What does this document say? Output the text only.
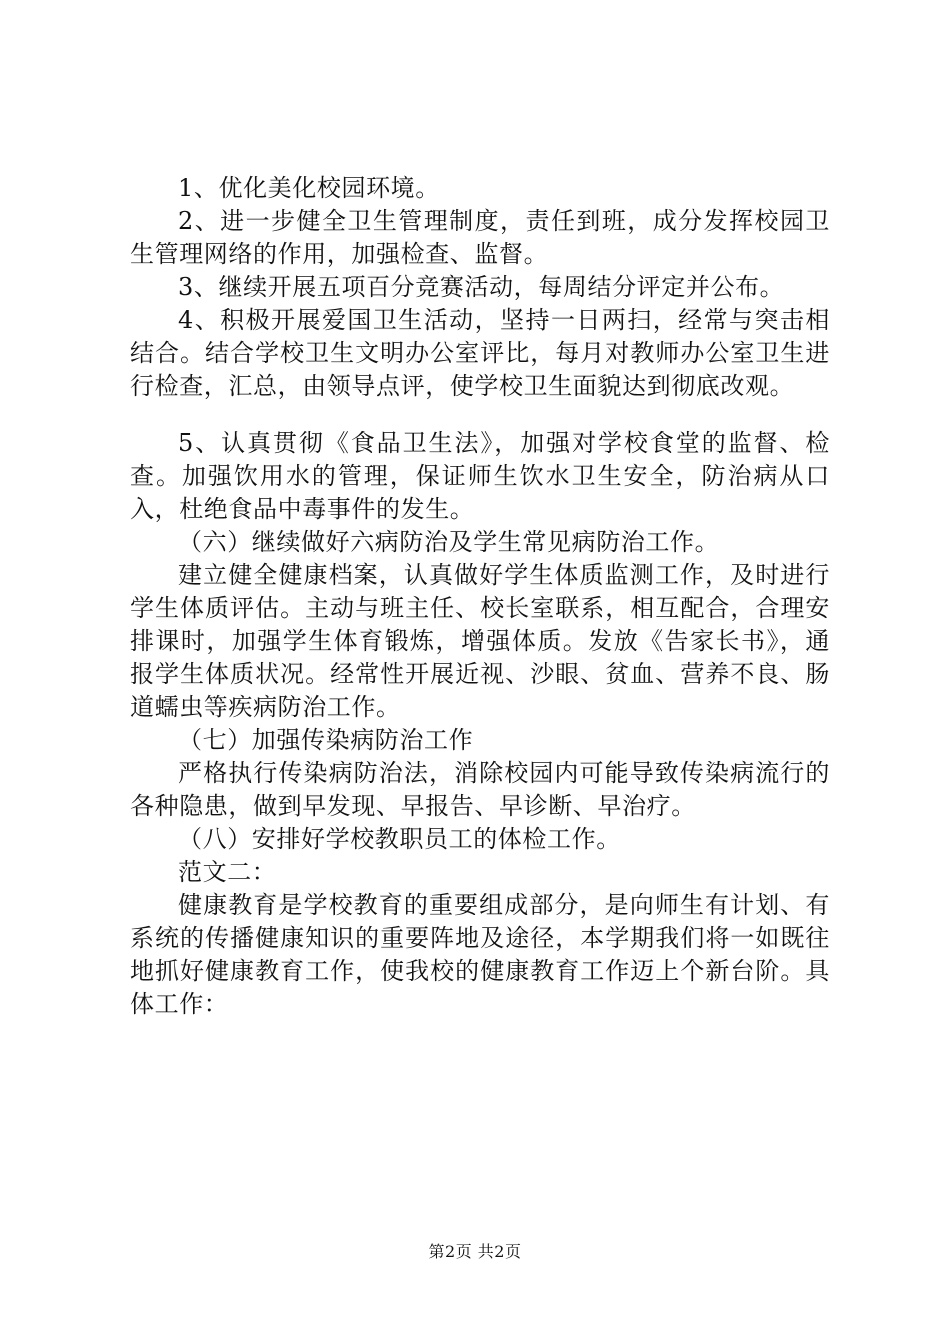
1、优化美化校园环境。

2、进一步健全卫生管理制度，责任到班，成分发挥校园卫生管理网络的作用，加强检查、监督。

3、继续开展五项百分竞赛活动，每周结分评定并公布。

4、积极开展爱国卫生活动，坚持一日两扫，经常与突击相结合。结合学校卫生文明办公室评比，每月对教师办公室卫生进行检查，汇总，由领导点评，使学校卫生面貌达到彻底改观。

5、认真贯彻《食品卫生法》，加强对学校食堂的监督、检查。加强饮用水的管理，保证师生饮水卫生安全，防治病从口入，杜绝食品中毒事件的发生。

（六）继续做好六病防治及学生常见病防治工作。

建立健全健康档案，认真做好学生体质监测工作，及时进行学生体质评估。主动与班主任、校长室联系，相互配合，合理安排课时，加强学生体育锻炼，增强体质。发放《告家长书》，通报学生体质状况。经常性开展近视、沙眼、贫血、营养不良、肠道蠕虫等疾病防治工作。

（七）加强传染病防治工作

严格执行传染病防治法，消除校园内可能导致传染病流行的各种隐患，做到早发现、早报告、早诊断、早治疗。

（八）安排好学校教职员工的体检工作。

范文二：

健康教育是学校教育的重要组成部分，是向师生有计划、有系统的传播健康知识的重要阵地及途径，本学期我们将一如既往地抓好健康教育工作，使我校的健康教育工作迈上个新台阶。具体工作：

第2页 共2页
